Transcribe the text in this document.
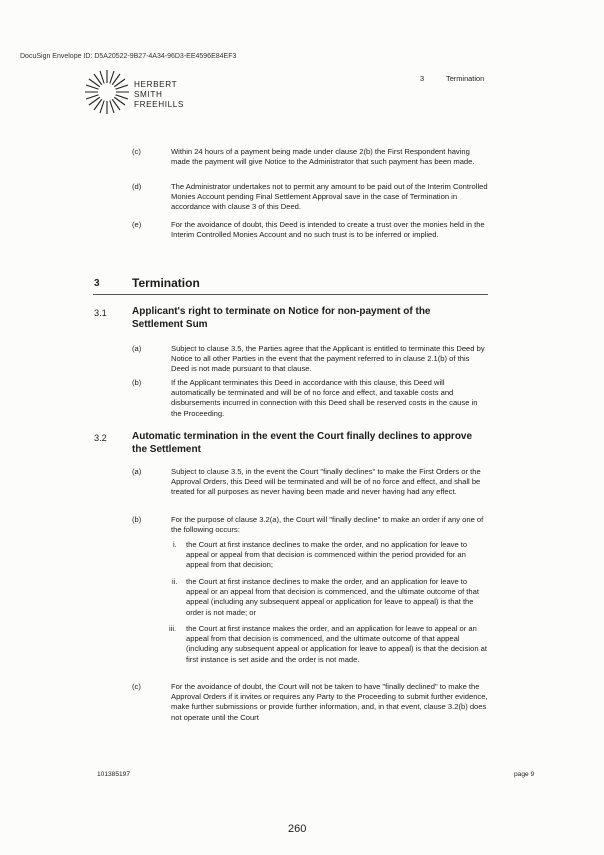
DocuSign Envelope ID: D5A20522-9B27-4A34-96D3-EE4596E84EF3
HERBERT
SMITH
FREEHILLS
3	Termination
(c)	Within 24 hours of a payment being made under clause 2(b) the First Respondent having made the payment will give Notice to the Administrator that such payment has been made.
(d)	The Administrator undertakes not to permit any amount to be paid out of the Interim Controlled Monies Account pending Final Settlement Approval save in the case of Termination in accordance with clause 3 of this Deed.
(e)	For the avoidance of doubt, this Deed is intended to create a trust over the monies held in the Interim Controlled Monies Account and no such trust is to be inferred or implied.
3	Termination
3.1	Applicant's right to terminate on Notice for non-payment of the Settlement Sum
(a)	Subject to clause 3.5, the Parties agree that the Applicant is entitled to terminate this Deed by Notice to all other Parties in the event that the payment referred to in clause 2.1(b) of this Deed is not made pursuant to that clause.
(b)	If the Applicant terminates this Deed in accordance with this clause, this Deed will automatically be terminated and will be of no force and effect, and taxable costs and disbursements incurred in connection with this Deed shall be reserved costs in the cause in the Proceeding.
3.2	Automatic termination in the event the Court finally declines to approve the Settlement
(a)	Subject to clause 3.5, in the event the Court "finally declines" to make the First Orders or the Approval Orders, this Deed will be terminated and will be of no force and effect, and shall be treated for all purposes as never having been made and never having had any effect.
(b)	For the purpose of clause 3.2(a), the Court will "finally decline" to make an order if any one of the following occurs:
i. the Court at first instance declines to make the order, and no application for leave to appeal or appeal from that decision is commenced within the period provided for an appeal from that decision;
ii. the Court at first instance declines to make the order, and an application for leave to appeal or an appeal from that decision is commenced, and the ultimate outcome of that appeal (including any subsequent appeal or application for leave to appeal) is that the order is not made; or
iii. the Court at first instance makes the order, and an application for leave to appeal or an appeal from that decision is commenced, and the ultimate outcome of that appeal (including any subsequent appeal or application for leave to appeal) is that the decision at first instance is set aside and the order is not made.
(c)	For the avoidance of doubt, the Court will not be taken to have "finally declined" to make the Approval Orders if it invites or requires any Party to the Proceeding to submit further evidence, make further submissions or provide further information, and, in that event, clause 3.2(b) does not operate until the Court
101385197	page 9
260
